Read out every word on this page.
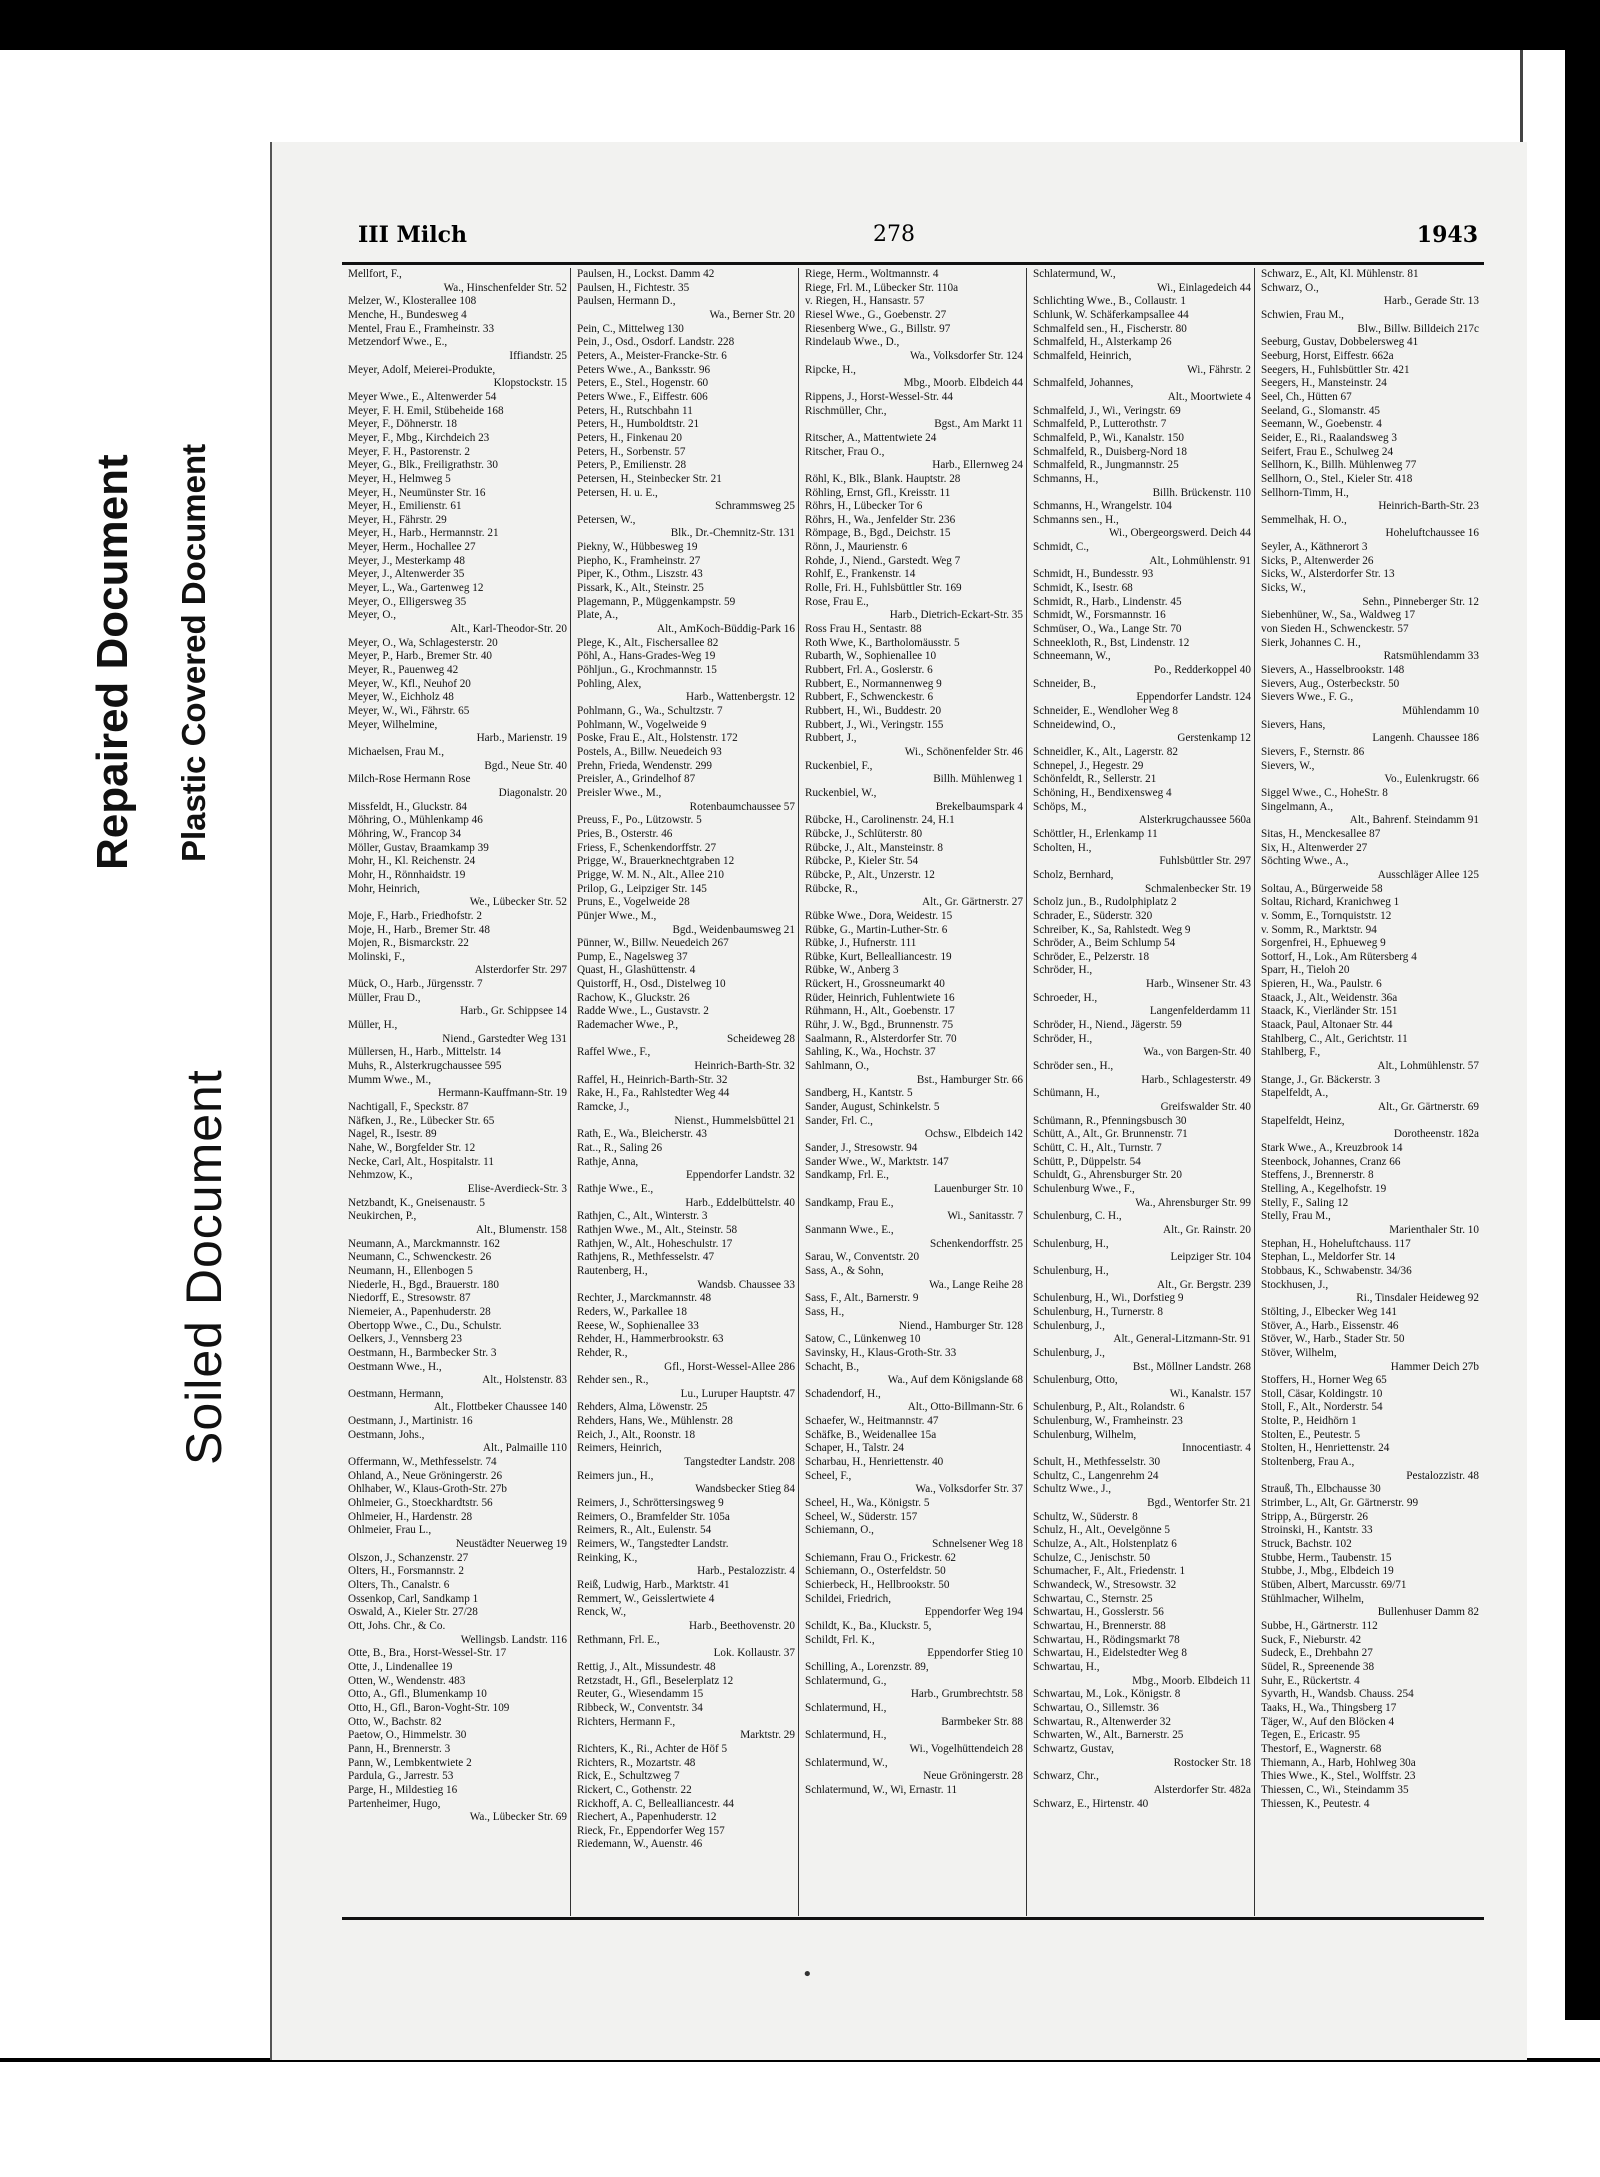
Repaired Document Plastic Covered Document
Soiled Document
III Milch	278	1943
Mellfort, F.,
Wa., Hinschenfelder Str. 52
Melzer, W., Klosterallee 108
Menche, H., Bundesweg 4
Mentel, Frau E., Framheinstr. 33
Metzendorf Wwe., E.,
Iffiandstr. 25
Meyer, Adolf, Meierei-Produkte,
Klopstockstr. 15
Meyer Wwe., E., Altenwerder 54
Meyer, F. H. Emil, Stübeheide 168
Meyer, F., Döhnerstr. 18
Meyer, F., Mbg., Kirchdeich 23
Meyer, F. H., Pastorenstr. 2
Meyer, G., Blk., Freiligrathstr. 30
Meyer, H., Helmweg 5
Meyer, H., Neumünster Str. 16
Meyer, H., Emilienstr. 61
Meyer, H., Fährstr. 29
Meyer, H., Harb., Hermannstr. 21
Meyer, Herm., Hochallee 27
Meyer, J., Mesterkamp 48
Meyer, J., Altenwerder 35
Meyer, L., Wa., Gartenweg 12
Meyer, O., Elligersweg 35
Meyer, O.,
Alt., Karl-Theodor-Str. 20
Meyer, O., Wa, Schlagesterstr. 20
Meyer, P., Harb., Bremer Str. 40
Meyer, R., Pauenweg 42
Meyer, W., Kfl., Neuhof 20
Meyer, W., Eichholz 48
Meyer, W., Wi., Fährstr. 65
Meyer, Wilhelmine,
Harb., Marienstr. 19
Michaelsen, Frau M.,
Bgd., Neue Str. 40
Milch-Rose Hermann Rose
Diagonalstr. 20
Missfeldt, H., Gluckstr. 84
Möhring, O., Mühlenkamp 46
Möhring, W., Francop 34
Möller, Gustav, Braamkamp 39
Mohr, H., Kl. Reichenstr. 24
Mohr, H., Rönnhaidstr. 19
Mohr, Heinrich,
We., Lübecker Str. 52
Moje, F., Harb., Friedhofstr. 2
Moje, H., Harb., Bremer Str. 48
Mojen, R., Bismarckstr. 22
Molinski, F.,
Alsterdorfer Str. 297
Mück, O., Harb., Jürgensstr. 7
Müller, Frau D.,
Harb., Gr. Schippsee 14
Müller, H.,
Niend., Garstedter Weg 131
Müllersen, H., Harb., Mittelstr. 14
Muhs, R., Alsterkrugchaussee 595
Mumm Wwe., M.,
Hermann-Kauffmann-Str. 19
Nachtigall, F., Speckstr. 87
Näfken, J., Re., Lübecker Str. 65
Nagel, R., Isestr. 89
Nahe, W., Borgfelder Str. 12
Necke, Carl, Alt., Hospitalstr. 11
Nehmzow, K.,
Elise-Averdieck-Str. 3
Netzbandt, K., Gneisenaustr. 5
Neukirchen, P.,
Alt., Blumenstr. 158
Neumann, A., Marckmannstr. 162
Neumann, C., Schwenckestr. 26
Neumann, H., Ellenbogen 5
Niederle, H., Bgd., Brauerstr. 180
Niedorff, E., Stresowstr. 87
Niemeier, A., Papenhuderstr. 28
Obertopp Wwe., C., Du., Schulstr.
Oelkers, J., Vennsberg 23
Oestmann, H., Barmbecker Str. 3
Oestmann Wwe., H.,
Alt., Holstenstr. 83
Oestmann, Hermann,
Alt., Flottbeker Chaussee 140
Oestmann, J., Martinistr. 16
Oestmann, Johs.,
Alt., Palmaille 110
Offermann, W., Methfesselstr. 74
Ohland, A., Neue Gröningerstr. 26
Ohlhaber, W., Klaus-Groth-Str. 27b
Ohlmeier, G., Stoeckhardtstr. 56
Ohlmeier, H., Hardenstr. 28
Ohlmeier, Frau L.,
Neustädter Neuerweg 19
Olszon, J., Schanzenstr. 27
Olters, H., Forsmannstr. 2
Olters, Th., Canalstr. 6
Ossenkop, Carl, Sandkamp 1
Oswald, A., Kieler Str. 27/28
Ott, Johs. Chr., & Co.
Wellingsb. Landstr. 116
Otte, B., Bra., Horst-Wessel-Str. 17
Otte, J., Lindenallee 19
Otten, W., Wendenstr. 483
Otto, A., Gfl., Blumenkamp 10
Otto, H., Gfl., Baron-Voght-Str. 109
Otto, W., Bachstr. 82
Paetow, O., Himmelstr. 30
Pann, H., Brennerstr. 3
Pann, W., Lembkentwiete 2
Pardula, G., Jarrestr. 53
Parge, H., Mildestieg 16
Partenheimer, Hugo,
Wa., Lübecker Str. 69
Paulsen, H., Lockst. Damm 42
Paulsen, H., Fichtestr. 35
Paulsen, Hermann D.,
Wa., Berner Str. 20
Pein, C., Mittelweg 130
Pein, J., Osd., Osdorf. Landstr. 228
Peters, A., Meister-Francke-Str. 6
Peters Wwe., A., Banksstr. 96
Peters, E., Stel., Hogenstr. 60
Peters Wwe., F., Eiffestr. 606
Peters, H., Rutschbahn 11
Peters, H., Humboldtstr. 21
Peters, H., Finkenau 20
Peters, H., Sorbenstr. 57
Peters, P., Emilienstr. 28
Petersen, H., Steinbecker Str. 21
Petersen, H. u. E.,
Schrammsweg 25
Petersen, W.,
Blk., Dr.-Chemnitz-Str. 131
Piekny, W., Hübbesweg 19
Piepho, K., Framheinstr. 27
Piper, K., Othm., Liszstr. 43
Pissark, K., Alt., Steinstr. 25
Plagemann, P., Müggenkampstr. 59
Plate, A.,
Alt., AmKoch-Büddig-Park 16
Plege, K., Alt., Fischersallee 82
Pöhl, A., Hans-Grades-Weg 19
Pöhljun., G., Krochmannstr. 15
Pohling, Alex,
Harb., Wattenbergstr. 12
Pohlmann, G., Wa., Schultzstr. 7
Pohlmann, W., Vogelweide 9
Poske, Frau E., Alt., Holstenstr. 172
Postels, A., Billw. Neuedeich 93
Prehn, Frieda, Wendenstr. 299
Preisler, A., Grindelhof 87
Preisler Wwe., M.,
Rotenbaumchaussee 57
Preuss, F., Po., Lützowstr. 5
Pries, B., Osterstr. 46
Friess, F., Schenkendorffstr. 27
Prigge, W., Brauerknechtgraben 12
Prigge, W. M. N., Alt., Allee 210
Prilop, G., Leipziger Str. 145
Pruns, E., Vogelweide 28
Pünjer Wwe., M.,
Bgd., Weidenbaumsweg 21
Pünner, W., Billw. Neuedeich 267
Pump, E., Nagelsweg 37
Quast, H., Glashüttenstr. 4
Quistorff, H., Osd., Distelweg 10
Rachow, K., Gluckstr. 26
Radde Wwe., L., Gustavstr. 2
Rademacher Wwe., P.,
Scheideweg 28
Raffel Wwe., F.,
Heinrich-Barth-Str. 32
Raffel, H., Heinrich-Barth-Str. 32
Rake, H., Fa., Rahlstedter Weg 44
Ramcke, J.,
Nienst., Hummelsbüttel 21
Rath, E., Wa., Bleicherstr. 43
Rat.., R., Saling 26
Rathje, Anna,
Eppendorfer Landstr. 32
Rathje Wwe., E.,
Harb., Eddelbüttelstr. 40
Rathjen, C., Alt., Winterstr. 3
Rathjen Wwe., M., Alt., Steinstr. 58
Rathjen, W., Alt., Hoheschulstr. 17
Rathjens, R., Methfesselstr. 47
Rautenberg, H.,
Wandsb. Chaussee 33
Rechter, J., Marckmannstr. 48
Reders, W., Parkallee 18
Reese, W., Sophienallee 33
Rehder, H., Hammerbrookstr. 63
Rehder, R.,
Gfl., Horst-Wessel-Allee 286
Rehder sen., R.,
Lu., Luruper Hauptstr. 47
Rehders, Alma, Löwenstr. 25
Rehders, Hans, We., Mühlenstr. 28
Reich, J., Alt., Roonstr. 18
Reimers, Heinrich,
Tangstedter Landstr. 208
Reimers jun., H.,
Wandsbecker Stieg 84
Reimers, J., Schröttersingsweg 9
Reimers, O., Bramfelder Str. 105a
Reimers, R., Alt., Eulenstr. 54
Reimers, W., Tangstedter Landstr.
Reinking, K.,
Harb., Pestalozzistr. 4
Reiß, Ludwig, Harb., Marktstr. 41
Remmert, W., Geisslertwiete 4
Renck, W.,
Harb., Beethovenstr. 20
Rethmann, Frl. E.,
Lok. Kollaustr. 37
Rettig, J., Alt., Missundestr. 48
Retzstadt, H., Gfl., Beselerplatz 12
Reuter, G., Wiesendamm 15
Ribbeck, W., Conventstr. 34
Richters, Hermann F.,
Marktstr. 29
Richters, K., Ri., Achter de Höf 5
Richters, R., Mozartstr. 48
Rick, E., Schultzweg 7
Rickert, C., Gothenstr. 22
Rickhoff, A. C, Bellealliancestr. 44
Riechert, A., Papenhuderstr. 12
Rieck, Fr., Eppendorfer Weg 157
Riedemann, W., Auenstr. 46
Riege, Herm., Woltmannstr. 4
Riege, Frl. M., Lübecker Str. 110a
v. Riegen, H., Hansastr. 57
Riesel Wwe., G., Goebenstr. 27
Riesenberg Wwe., G., Billstr. 97
Rindelaub Wwe., D.,
Wa., Volksdorfer Str. 124
Ripcke, H.,
Mbg., Moorb. Elbdeich 44
Rippens, J., Horst-Wessel-Str. 44
Rischmüller, Chr.,
Bgst., Am Markt 11
Ritscher, A., Mattentwiete 24
Ritscher, Frau O.,
Harb., Ellernweg 24
Röhl, K., Blk., Blank. Hauptstr. 28
Röhling, Ernst, Gfl., Kreisstr. 11
Röhrs, H., Lübecker Tor 6
Röhrs, H., Wa., Jenfelder Str. 236
Römpage, B., Bgd., Deichstr. 15
Rönn, J., Maurienstr. 6
Rohde, J., Niend., Garstedt. Weg 7
Rohlf, E., Frankenstr. 14
Rolle, Fri. H., Fuhlsbüttler Str. 169
Rose, Frau E.,
Harb., Dietrich-Eckart-Str. 35
Ross Frau H., Sentastr. 88
Roth Wwe, K., Bartholomäusstr. 5
Rubarth, W., Sophienallee 10
Rubbert, Frl. A., Goslerstr. 6
Rubbert, E., Normannenweg 9
Rubbert, F., Schwenckestr. 6
Rubbert, H., Wi., Buddestr. 20
Rubbert, J., Wi., Veringstr. 155
Rubbert, J.,
Wi., Schönenfelder Str. 46
Ruckenbiel, F.,
Billh. Mühlenweg 1
Ruckenbiel, W.,
Brekelbaumspark 4
Rübcke, H., Carolinenstr. 24, H.1
Rübcke, J., Schlüterstr. 80
Rübcke, J., Alt., Mansteinstr. 8
Rübcke, P., Kieler Str. 54
Rübcke, P., Alt., Unzerstr. 12
Rübcke, R.,
Alt., Gr. Gärtnerstr. 27
Rübke Wwe., Dora, Weidestr. 15
Rübke, G., Martin-Luther-Str. 6
Rübke, J., Hufnerstr. 111
Rübke, Kurt, Bellealliancestr. 19
Rübke, W., Anberg 3
Rückert, H., Grossneumarkt 40
Rüder, Heinrich, Fuhlentwiete 16
Rühmann, H., Alt., Goebenstr. 17
Rühr, J. W., Bgd., Brunnenstr. 75
Saalmann, R., Alsterdorfer Str. 70
Sahling, K., Wa., Hochstr. 37
Sahlmann, O.,
Bst., Hamburger Str. 66
Sandberg, H., Kantstr. 5
Sander, August, Schinkelstr. 5
Sander, Frl. C.,
Ochsw., Elbdeich 142
Sander, J., Stresowstr. 94
Sander Wwe., W., Marktstr. 147
Sandkamp, Frl. E.,
Lauenburger Str. 10
Sandkamp, Frau E.,
Wi., Sanitasstr. 7
Sanmann Wwe., E.,
Schenkendorffstr. 25
Sarau, W., Conventstr. 20
Sass, A., & Sohn,
Wa., Lange Reihe 28
Sass, F., Alt., Barnerstr. 9
Sass, H.,
Niend., Hamburger Str. 128
Satow, C., Lünkenweg 10
Savinsky, H., Klaus-Groth-Str. 33
Schacht, B.,
Wa., Auf dem Königslande 68
Schadendorf, H.,
Alt., Otto-Billmann-Str. 6
Schaefer, W., Heitmannstr. 47
Schäfke, B., Weidenallee 15a
Schaper, H., Talstr. 24
Scharbau, H., Henriettenstr. 40
Scheel, F.,
Wa., Volksdorfer Str. 37
Scheel, H., Wa., Königstr. 5
Scheel, W., Süderstr. 157
Schiemann, O.,
Schnelsener Weg 18
Schiemann, Frau O., Frickestr. 62
Schiemann, O., Osterfeldstr. 50
Schierbeck, H., Hellbrookstr. 50
Schildei, Friedrich,
Eppendorfer Weg 194
Schildt, K., Ba., Kluckstr. 5,
Schildt, Frl. K.,
Eppendorfer Stieg 10
Schilling, A., Lorenzstr. 89,
Schlatermund, G.,
Harb., Grumbrechtstr. 58
Schlatermund, H.,
Barmbeker Str. 88
Schlatermund, H.,
Wi., Vogelhüttendeich 28
Schlatermund, W.,
Neue Gröningerstr. 28
Schlatermund, W., Wi, Ernastr. 11
Schlatermund, W.,
Wi., Einlagedeich 44
Schlichting Wwe., B., Collaustr. 1
Schlunk, W. Schäferkampsallee 44
Schmalfeld sen., H., Fischerstr. 80
Schmalfeld, H., Alsterkamp 26
Schmalfeld, Heinrich,
Wi., Fährstr. 2
Schmalfeld, Johannes,
Alt., Moortwiete 4
Schmalfeld, J., Wi., Veringstr. 69
Schmalfeld, P., Lutterothstr. 7
Schmalfeld, P., Wi., Kanalstr. 150
Schmalfeld, R., Duisberg-Nord 18
Schmalfeld, R., Jungmannstr. 25
Schmanns, H.,
Billh. Brückenstr. 110
Schmanns, H., Wrangelstr. 104
Schmanns sen., H.,
Wi., Obergeorgswerd. Deich 44
Schmidt, C.,
Alt., Lohmühlenstr. 91
Schmidt, H., Bundesstr. 93
Schmidt, K., Isestr. 68
Schmidt, R., Harb., Lindenstr. 45
Schmidt, W., Forsmannstr. 16
Schmüser, O., Wa., Lange Str. 70
Schneekloth, R., Bst, Lindenstr. 12
Schneemann, W.,
Po., Redderkoppel 40
Schneider, B.,
Eppendorfer Landstr. 124
Schneider, E., Wendloher Weg 8
Schneidewind, O.,
Gerstenkamp 12
Schneidler, K., Alt., Lagerstr. 82
Schnepel, J., Hegestr. 29
Schönfeldt, R., Sellerstr. 21
Schöning, H., Bendixensweg 4
Schöps, M.,
Alsterkrugchaussee 560a
Schöttler, H., Erlenkamp 11
Scholten, H.,
Fuhlsbüttler Str. 297
Scholz, Bernhard,
Schmalenbecker Str. 19
Scholz jun., B., Rudolphiplatz 2
Schrader, E., Süderstr. 320
Schreiber, K., Sa, Rahlstedt. Weg 9
Schröder, A., Beim Schlump 54
Schröder, E., Pelzerstr. 18
Schröder, H.,
Harb., Winsener Str. 43
Schroeder, H.,
Langenfelderdamm 11
Schröder, H., Niend., Jägerstr. 59
Schröder, H.,
Wa., von Bargen-Str. 40
Schröder sen., H.,
Harb., Schlagesterstr. 49
Schümann, H.,
Greifswalder Str. 40
Schümann, R., Pfenningsbusch 30
Schütt, A., Alt., Gr. Brunnenstr. 71
Schütt, C. H., Alt., Turnstr. 7
Schütt, P., Düppelstr. 54
Schuldt, G., Ahrensburger Str. 20
Schulenburg Wwe., F.,
Wa., Ahrensburger Str. 99
Schulenburg, C. H.,
Alt., Gr. Rainstr. 20
Schulenburg, H.,
Leipziger Str. 104
Schulenburg, H.,
Alt., Gr. Bergstr. 239
Schulenburg, H., Wi., Dorfstieg 9
Schulenburg, H., Turnerstr. 8
Schulenburg, J.,
Alt., General-Litzmann-Str. 91
Schulenburg, J.,
Bst., Möllner Landstr. 268
Schulenburg, Otto,
Wi., Kanalstr. 157
Schulenburg, P., Alt., Rolandstr. 6
Schulenburg, W., Framheinstr. 23
Schulenburg, Wilhelm,
Innocentiastr. 4
Schult, H., Methfesselstr. 30
Schultz, C., Langenrehm 24
Schultz Wwe., J.,
Bgd., Wentorfer Str. 21
Schultz, W., Süderstr. 8
Schulz, H., Alt., Oevelgönne 5
Schulze, A., Alt., Holstenplatz 6
Schulze, C., Jenischstr. 50
Schumacher, F., Alt., Friedenstr. 1
Schwandeck, W., Stresowstr. 32
Schwartau, C., Sternstr. 25
Schwartau, H., Gosslerstr. 56
Schwartau, H., Brennerstr. 88
Schwartau, H., Rödingsmarkt 78
Schwartau, H., Eidelstedter Weg 8
Schwartau, H.,
Mbg., Moorb. Elbdeich 11
Schwartau, M., Lok., Königstr. 8
Schwartau, O., Sillemstr. 36
Schwartau, R., Altenwerder 32
Schwarten, W., Alt., Barnerstr. 25
Schwartz, Gustav,
Rostocker Str. 18
Schwarz, Chr.,
Alsterdorfer Str. 482a
Schwarz, E., Hirtenstr. 40
Schwarz, E., Alt, Kl. Mühlenstr. 81
Schwarz, O.,
Harb., Gerade Str. 13
Schwien, Frau M.,
Blw., Billw. Billdeich 217c
Seeburg, Gustav, Dobbelersweg 41
Seeburg, Horst, Eiffestr. 662a
Seegers, H., Fuhlsbüttler Str. 421
Seegers, H., Mansteinstr. 24
Seel, Ch., Hütten 67
Seeland, G., Slomanstr. 45
Seemann, W., Goebenstr. 4
Seider, E., Ri., Raalandsweg 3
Seifert, Frau E., Schulweg 24
Sellhorn, K., Billh. Mühlenweg 77
Sellhorn, O., Stel., Kieler Str. 418
Sellhorn-Timm, H.,
Heinrich-Barth-Str. 23
Semmelhak, H. O.,
Hoheluftchaussee 16
Seyler, A., Käthnerort 3
Sicks, P., Altenwerder 26
Sicks, W., Alsterdorfer Str. 13
Sicks, W.,
Sehn., Pinneberger Str. 12
Siebenhüner, W., Sa., Waldweg 17
von Sieden H., Schwenckestr. 57
Sierk, Johannes C. H.,
Ratsmühlendamm 33
Sievers, A., Hasselbrookstr. 148
Sievers, Aug., Osterbeckstr. 50
Sievers Wwe., F. G.,
Mühlendamm 10
Sievers, Hans,
Langenh. Chaussee 186
Sievers, F., Sternstr. 86
Sievers, W.,
Vo., Eulenkrugstr. 66
Siggel Wwe., C., HoheStr. 8
Singelmann, A.,
Alt., Bahrenf. Steindamm 91
Sitas, H., Menckesallee 87
Six, H., Altenwerder 27
Söchting Wwe., A.,
Ausschläger Allee 125
Soltau, A., Bürgerweide 58
Soltau, Richard, Kranichweg 1
v. Somm, E., Tornquiststr. 12
v. Somm, R., Marktstr. 94
Sorgenfrei, H., Ephueweg 9
Sottorf, H., Lok., Am Rütersberg 4
Sparr, H., Tieloh 20
Spieren, H., Wa., Paulstr. 6
Staack, J., Alt., Weidenstr. 36a
Staack, K., Vierländer Str. 151
Staack, Paul, Altonaer Str. 44
Stahlberg, C., Alt., Gerichtstr. 11
Stahlberg, F.,
Alt., Lohmühlenstr. 57
Stange, J., Gr. Bäckerstr. 3
Stapelfeldt, A.,
Alt., Gr. Gärtnerstr. 69
Stapelfeldt, Heinz,
Dorotheenstr. 182a
Stark Wwe., A., Kreuzbrook 14
Steenbock, Johannes, Cranz 66
Steffens, J., Brennerstr. 8
Stelling, A., Kegelhofstr. 19
Stelly, F., Saling 12
Stelly, Frau M.,
Marienthaler Str. 10
Stephan, H., Hoheluftchauss. 117
Stephan, L., Meldorfer Str. 14
Stobbaus, K., Schwabenstr. 34/36
Stockhusen, J.,
Ri., Tinsdaler Heideweg 92
Stölting, J., Elbecker Weg 141
Stöver, A., Harb., Eissenstr. 46
Stöver, W., Harb., Stader Str. 50
Stöver, Wilhelm,
Hammer Deich 27b
Stoffers, H., Horner Weg 65
Stoll, Cäsar, Koldingstr. 10
Stoll, F., Alt., Norderstr. 54
Stolte, P., Heidhörn 1
Stolten, E., Peutestr. 5
Stolten, H., Henriettenstr. 24
Stoltenberg, Frau A.,
Pestalozzistr. 48
Strauß, Th., Elbchausse 30
Strimber, L., Alt, Gr. Gärtnerstr. 99
Stripp, A., Bürgerstr. 26
Stroinski, H., Kantstr. 33
Struck, Bachstr. 102
Stubbe, Herm., Taubenstr. 15
Stubbe, J., Mbg., Elbdeich 19
Stüben, Albert, Marcusstr. 69/71
Stühlmacher, Wilhelm,
Bullenhuser Damm 82
Subbe, H., Gärtnerstr. 112
Suck, F., Nieburstr. 42
Sudeck, E., Drehbahn 27
Südel, R., Spreenende 38
Suhr, E., Rückertstr. 4
Syvarth, H., Wandsb. Chauss. 254
Taaks, H., Wa., Thingsberg 17
Täger, W., Auf den Blöcken 4
Tegen, E., Ericastr. 95
Thestorf, E., Wagnerstr. 68
Thiemann, A., Harb, Hohlweg 30a
Thies Wwe., K., Stel., Wolffstr. 23
Thiessen, C., Wi., Steindamm 35
Thiessen, K., Peutestr. 4
•
